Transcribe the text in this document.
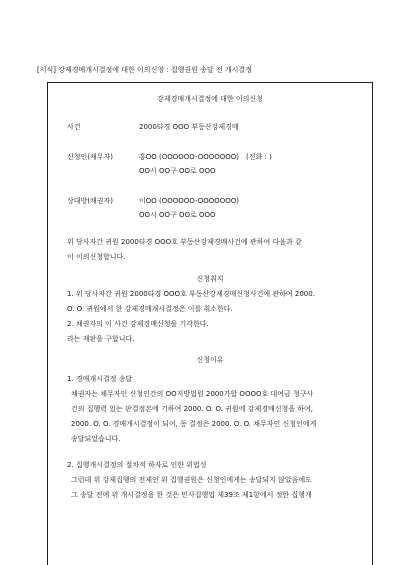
[서식] 강제경매개시결정에 대한 이의신청 : 집행권원 송달 전 개시결정
강제경매개시결정에 대한 이의신청
사건	2000타경 OOO 부동산강제경매
신청인(채무자)	홍OO (OOOOOO-OOOOOOO) (전화 : )
OO시 OO구 OO로 OOO
상대방(채권자)	이OO (OOOOOO-OOOOOOO)
OO시 OO구 OO로 OOO
위 당사자간 귀원 2000타경 OOO호 부동산강제경매사건에 관하여 다음과 같
이 이의신청합니다.
신청취지
1. 위 당사자간 귀원 2000타경 OOO호 부동산강제경매신청사건에 관하여 2000.
O. O. 귀원에서 한 강제경매개시결정은 이를 취소한다.
2. 채권자의 이 사건 강제경매신청을 기각한다.
라는 재판을 구합니다.
신청이유
1. 경매개시결정 송달
채권자는 채무자인 신청인간의 OO지방법원 2000가합 OOOO호 대여금 청구사
건의 집행력 있는 판결정본에 기하여 2000. O. O. 귀원에 강제경매신청을 하여,
2000. O. O. 경매개시결정이 되어, 동 결정은 2000. O. O. 채무자인 신청인에게
송달되었습니다.
2. 집행개시결정의 절차적 하자로 인한 위법성
그런데 위 강제집행의 전제인 위 집행권원은 신청인에게는 송달되지 않았음에도
그 송달 전에 위 개시결정을 한 것은 민사집행법 제39조 제1항에서 정한 집행개
